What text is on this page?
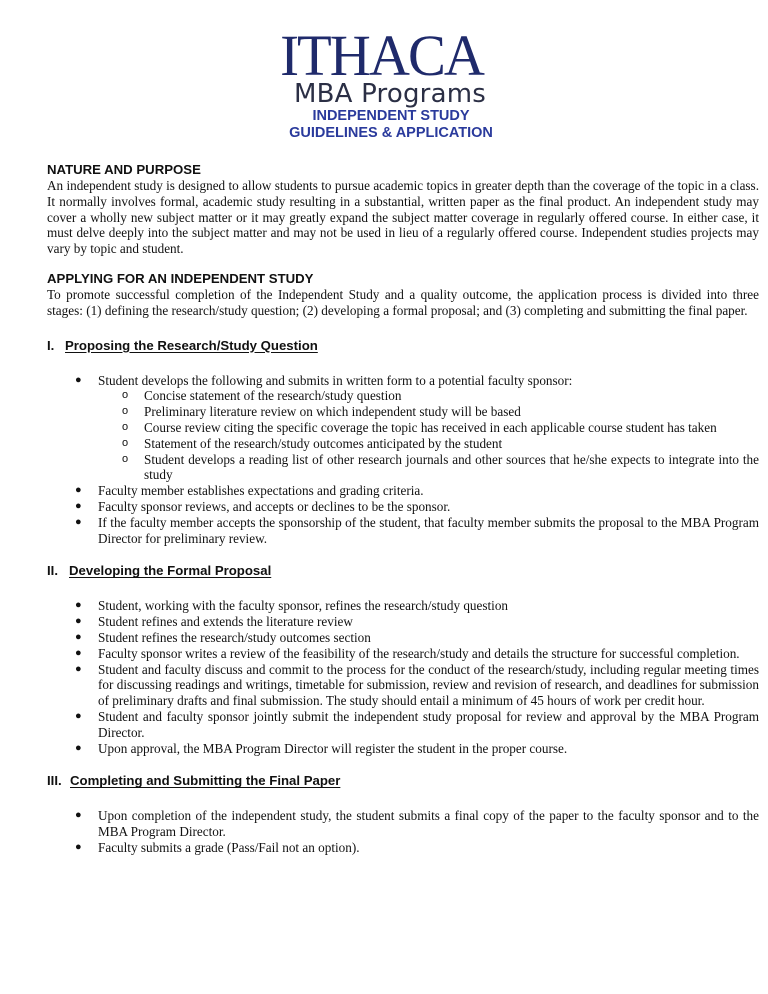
ITHACA
MBA Programs
INDEPENDENT STUDY
GUIDELINES & APPLICATION
NATURE AND PURPOSE

An independent study is designed to allow students to pursue academic topics in greater depth than the coverage of the topic in a class. It normally involves formal, academic study resulting in a substantial, written paper as the final product. An independent study may cover a wholly new subject matter or it may greatly expand the subject matter coverage in regularly offered course. In either case, it must delve deeply into the subject matter and may not be used in lieu of a regularly offered course. Independent studies projects may vary by topic and student.

APPLYING FOR AN INDEPENDENT STUDY

To promote successful completion of the Independent Study and a quality outcome, the application process is divided into three stages: (1) defining the research/study question; (2) developing a formal proposal; and (3) completing and submitting the final paper.

I. Proposing the Research/Study Question
● Student develops the following and submits in written form to a potential faculty sponsor:
o Concise statement of the research/study question
o Preliminary literature review on which independent study will be based
o Course review citing the specific coverage the topic has received in each applicable course student has taken
o Statement of the research/study outcomes anticipated by the student
o Student develops a reading list of other research journals and other sources that he/she expects to integrate into the study
● Faculty member establishes expectations and grading criteria.
● Faculty sponsor reviews, and accepts or declines to be the sponsor.
● If the faculty member accepts the sponsorship of the student, that faculty member submits the proposal to the MBA Program Director for preliminary review.
II. Developing the Formal Proposal
● Student, working with the faculty sponsor, refines the research/study question
● Student refines and extends the literature review
● Student refines the research/study outcomes section
● Faculty sponsor writes a review of the feasibility of the research/study and details the structure for successful completion.
● Student and faculty discuss and commit to the process for the conduct of the research/study, including regular meeting times for discussing readings and writings, timetable for submission, review and revision of research, and deadlines for submission of preliminary drafts and final submission. The study should entail a minimum of 45 hours of work per credit hour.
● Student and faculty sponsor jointly submit the independent study proposal for review and approval by the MBA Program Director.
● Upon approval, the MBA Program Director will register the student in the proper course.
III. Completing and Submitting the Final Paper
● Upon completion of the independent study, the student submits a final copy of the paper to the faculty sponsor and to the MBA Program Director.
● Faculty submits a grade (Pass/Fail not an option).
